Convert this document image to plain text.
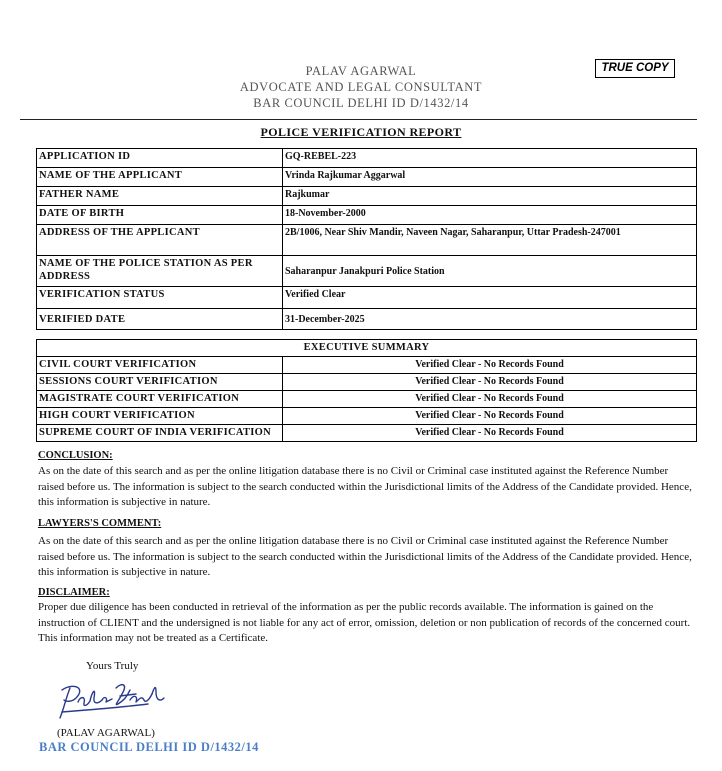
PALAV AGARWAL
ADVOCATE AND LEGAL CONSULTANT
BAR COUNCIL DELHI ID D/1432/14
TRUE COPY
POLICE VERIFICATION REPORT
APPLICATION ID	GQ-REBEL-223
NAME OF THE APPLICANT	Vrinda Rajkumar Aggarwal
FATHER NAME	Rajkumar
DATE OF BIRTH	18-November-2000
ADDRESS OF THE APPLICANT	2B/1006, Near Shiv Mandir, Naveen Nagar, Saharanpur, Uttar Pradesh-247001
NAME OF THE POLICE STATION AS PER ADDRESS	Saharanpur Janakpuri Police Station
VERIFICATION STATUS	Verified Clear
VERIFIED DATE	31-December-2025
EXECUTIVE SUMMARY	
CIVIL COURT VERIFICATION	Verified Clear - No Records Found
SESSIONS COURT VERIFICATION	Verified Clear - No Records Found
MAGISTRATE COURT VERIFICATION	Verified Clear - No Records Found
HIGH COURT VERIFICATION	Verified Clear - No Records Found
SUPREME COURT OF INDIA VERIFICATION	Verified Clear - No Records Found
CONCLUSION:
As on the date of this search and as per the online litigation database there is no Civil or Criminal case instituted against the Reference Number raised before us. The information is subject to the search conducted within the Jurisdictional limits of the Address of the Candidate provided. Hence, this information is subjective in nature.
LAWYERS'S COMMENT:
As on the date of this search and as per the online litigation database there is no Civil or Criminal case instituted against the Reference Number raised before us. The information is subject to the search conducted within the Jurisdictional limits of the Address of the Candidate provided. Hence, this information is subjective in nature.
DISCLAIMER:
Proper due diligence has been conducted in retrieval of the information as per the public records available. The information is gained on the instruction of CLIENT and the undersigned is not liable for any act of error, omission, deletion or non publication of records of the concerned court. This information may not be treated as a Certificate.
Yours Truly
(PALAV AGARWAL)
BAR COUNCIL DELHI ID D/1432/14
